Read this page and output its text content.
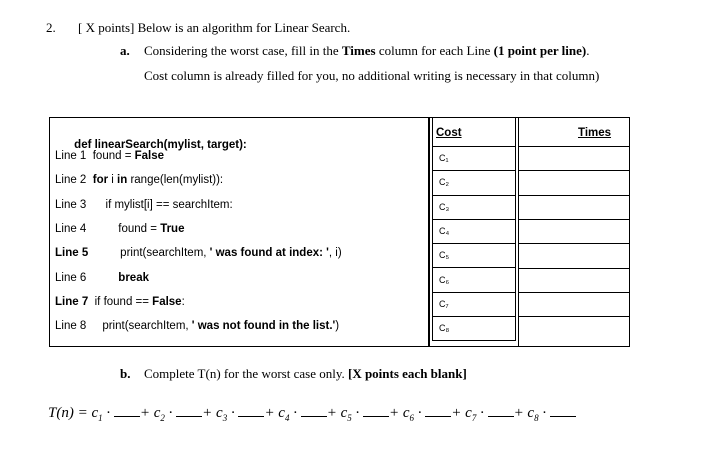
2. [ X points] Below is an algorithm for Linear Search.
a. Considering the worst case, fill in the Times column for each Line (1 point per line).
Cost column is already filled for you, no additional writing is necessary in that column)

def linearSearch(mylist, target):

Line 1  found = False
Line 2  for i in range(len(mylist)):
Line 3      if mylist[i] == searchItem:
Line 4          found = True
Line 5          print(searchItem, ' was found at index: ', i)
Line 6          break
Line 7  if found == False:
Line 8     print(searchItem, ' was not found in the list.')
Cost
C₁
C₂
C₃
C₄
C₅
C₆
C₇
C₈
Times
b. Complete T(n) for the worst case only. [X points each blank]
$T(n) = c_1$ · + $c_2$ · + $c_3$ · + $c_4$ · + $c_5$ · + $c_6$ · + $c_7$ · + $c_8$ ·
